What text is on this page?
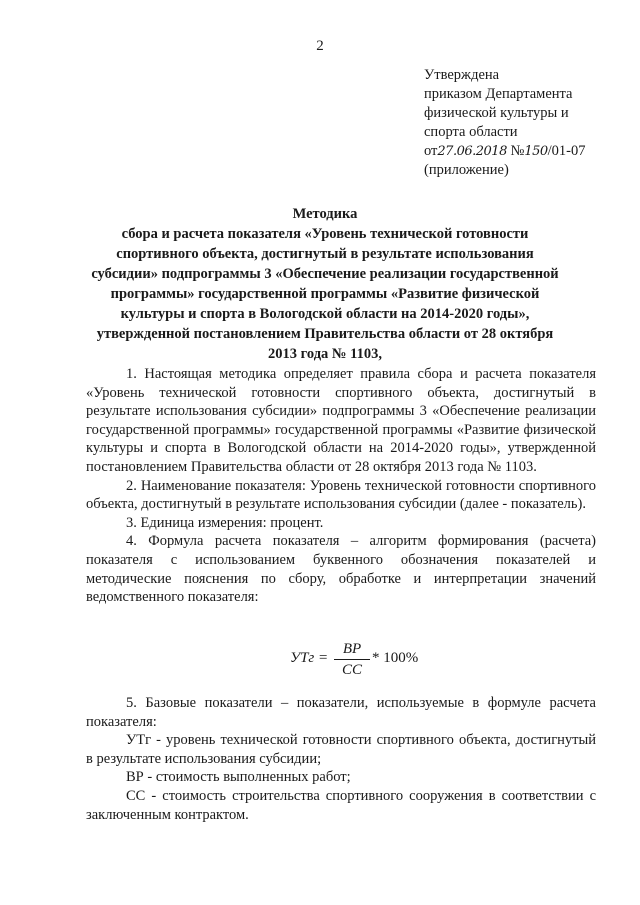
2
Утверждена
приказом Департамента
физической культуры и
спорта области
от27.06.2018 №150/01-07
(приложение)
Методика
сбора и расчета показателя «Уровень технической готовности
спортивного объекта, достигнутый в результате использования
субсидии» подпрограммы 3 «Обеспечение реализации государственной
программы» государственной программы «Развитие физической
культуры и спорта в Вологодской области на 2014-2020 годы»,
утвержденной постановлением Правительства области от 28 октября
2013 года № 1103,

1. Настоящая методика определяет правила сбора и расчета показателя «Уровень технической готовности спортивного объекта, достигнутый в результате использования субсидии» подпрограммы 3 «Обеспечение реализации государственной программы» государственной программы «Развитие физической культуры и спорта в Вологодской области на 2014-2020 годы», утвержденной постановлением Правительства области от 28 октября 2013 года № 1103.

2. Наименование показателя: Уровень технической готовности спортивного объекта, достигнутый в результате использования субсидии (далее - показатель).

3. Единица измерения: процент.

4. Формула расчета показателя – алгоритм формирования (расчета) показателя с использованием буквенного обозначения показателей и методические пояснения по сбору, обработке и интерпретации значений ведомственного показателя:

УТг =
ВР
СС
* 100%

5. Базовые показатели – показатели, используемые в формуле расчета показателя:

УТг - уровень технической готовности спортивного объекта, достигнутый в результате использования субсидии;

ВР - стоимость выполненных работ;

СС - стоимость строительства спортивного сооружения в соответствии с заключенным контрактом.
